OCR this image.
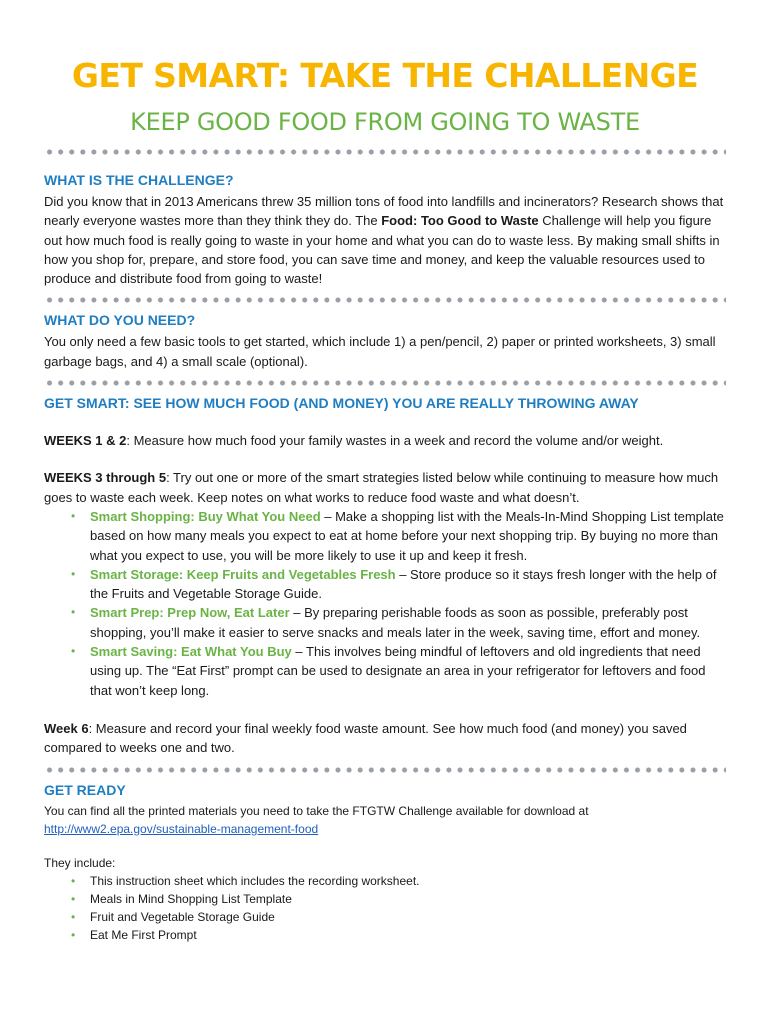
GET SMART: TAKE THE CHALLENGE
KEEP GOOD FOOD FROM GOING TO WASTE
WHAT IS THE CHALLENGE?

Did you know that in 2013 Americans threw 35 million tons of food into landfills and incinerators? Research shows that nearly everyone wastes more than they think they do. The Food: Too Good to Waste Challenge will help you figure out how much food is really going to waste in your home and what you can do to waste less. By making small shifts in how you shop for, prepare, and store food, you can save time and money, and keep the valuable resources used to produce and distribute food from going to waste!

WHAT DO YOU NEED?

You only need a few basic tools to get started, which include 1) a pen/pencil, 2) paper or printed worksheets, 3) small garbage bags, and 4) a small scale (optional).

GET SMART: SEE HOW MUCH FOOD (AND MONEY) YOU ARE REALLY THROWING AWAY

WEEKS 1 & 2: Measure how much food your family wastes in a week and record the volume and/or weight.

WEEKS 3 through 5: Try out one or more of the smart strategies listed below while continuing to measure how much goes to waste each week. Keep notes on what works to reduce food waste and what doesn’t.

• Smart Shopping: Buy What You Need – Make a shopping list with the Meals-In-Mind Shopping List template based on how many meals you expect to eat at home before your next shopping trip. By buying no more than what you expect to use, you will be more likely to use it up and keep it fresh.
• Smart Storage: Keep Fruits and Vegetables Fresh – Store produce so it stays fresh longer with the help of the Fruits and Vegetable Storage Guide.
• Smart Prep: Prep Now, Eat Later – By preparing perishable foods as soon as possible, preferably post shopping, you’ll make it easier to serve snacks and meals later in the week, saving time, effort and money.
• Smart Saving: Eat What You Buy – This involves being mindful of leftovers and old ingredients that need using up. The “Eat First” prompt can be used to designate an area in your refrigerator for leftovers and food that won’t keep long.

Week 6: Measure and record your final weekly food waste amount. See how much food (and money) you saved compared to weeks one and two.

GET READY

You can find all the printed materials you need to take the FTGTW Challenge available for download at

http://www2.epa.gov/sustainable-management-food

They include:

• This instruction sheet which includes the recording worksheet.
• Meals in Mind Shopping List Template
• Fruit and Vegetable Storage Guide
• Eat Me First Prompt
